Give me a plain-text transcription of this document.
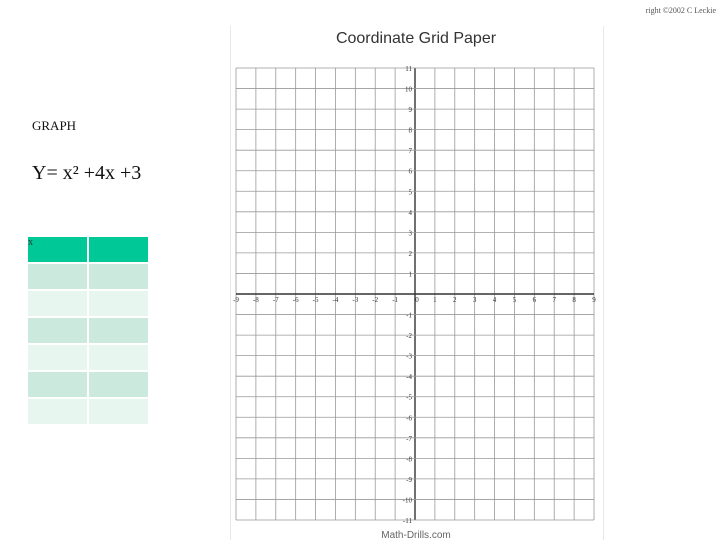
right ©2002 C Leckie
Coordinate Grid Paper
Math-Drills.com
-9 -8 -7 -6 -5 -4 -3 -2 -1 0 1 2 3 4 5 6 7 8 9
11
10
9
8
7
6
5
4
3
2
1
-1
-2
-3
-4
-5
-6
-7
-8
-9
-10
-11
GRAPH
Y= x² +4x +3
x	
